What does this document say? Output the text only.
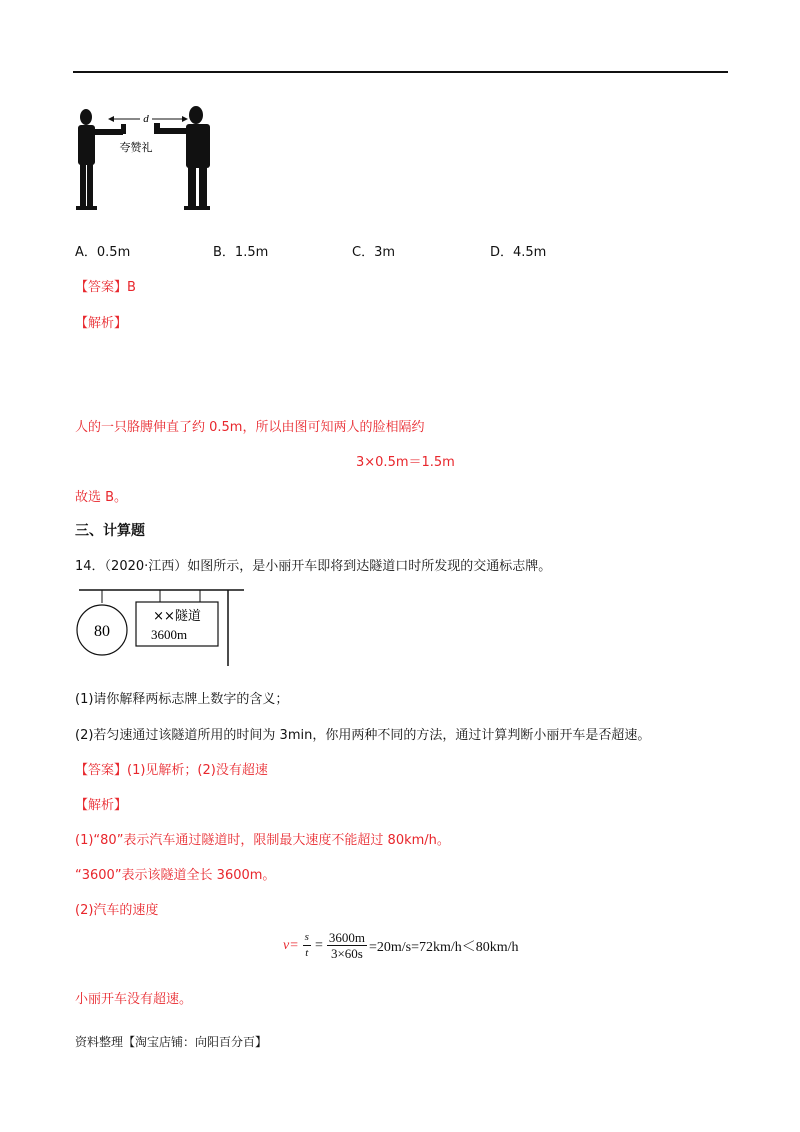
d
夸赞礼
A．0.5m	B．1.5m	C．3m	D．4.5m
【答案】B
【解析】
人的一只胳膊伸直了约 0.5m，所以由图可知两人的脸相隔约
3×0.5m＝1.5m
故选 B。
三、计算题
14．（2020·江西）如图所示，是小丽开车即将到达隧道口时所发现的交通标志牌。
80
××隧道
3600m
(1)请你解释两标志牌上数字的含义；
(2)若匀速通过该隧道所用的时间为 3min，你用两种不同的方法，通过计算判断小丽开车是否超速。
【答案】(1)见解析；(2)没有超速
【解析】
(1)“80”表示汽车通过隧道时，限制最大速度不能超过 80km/h。
“3600”表示该隧道全长 3600m。
(2)汽车的速度
$v= \frac{s}{t} = \frac{3600m}{3\times 60s} =20m/s=72km/h<80km/h$
小丽开车没有超速。
资料整理【淘宝店铺：向阳百分百】
